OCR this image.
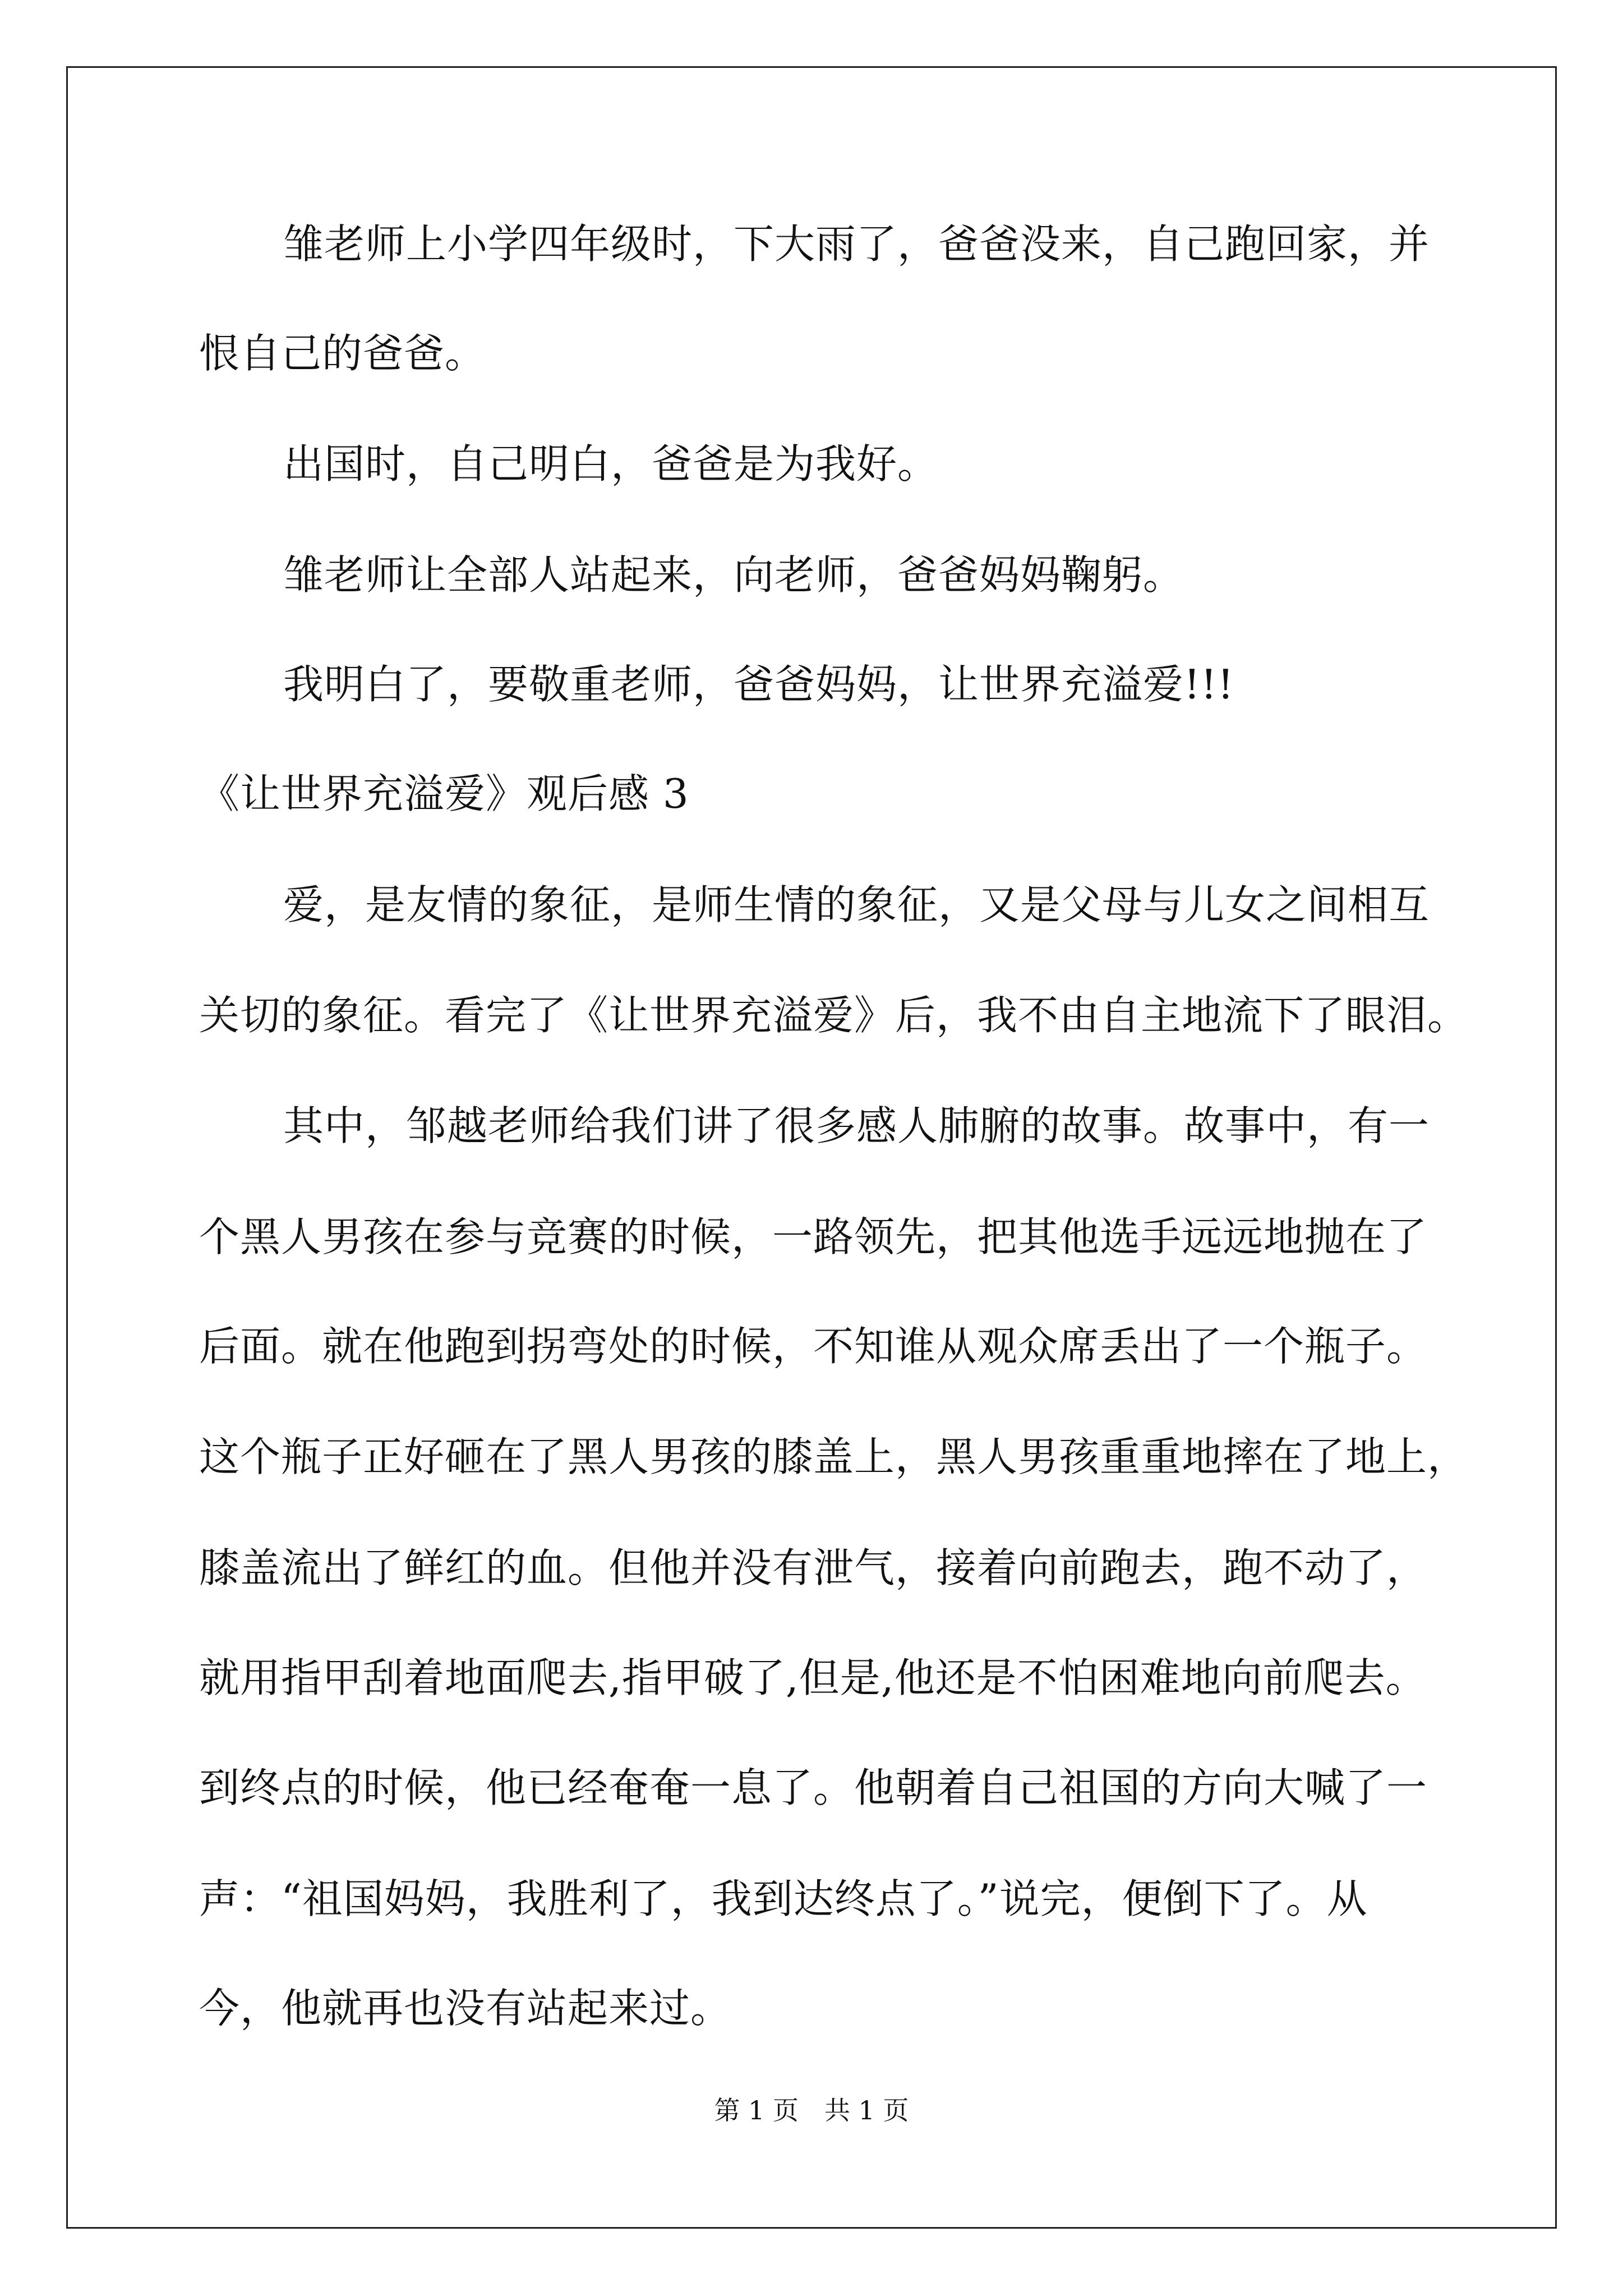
雏老师上小学四年级时，下大雨了，爸爸没来，自己跑回家，并
恨自己的爸爸。
出国时，自己明白，爸爸是为我好。
雏老师让全部人站起来，向老师，爸爸妈妈鞠躬。
我明白了，要敬重老师，爸爸妈妈，让世界充溢爱!!!
《让世界充溢爱》观后感 3
爱，是友情的象征，是师生情的象征，又是父母与儿女之间相互
关切的象征。看完了《让世界充溢爱》后，我不由自主地流下了眼泪。
其中，邹越老师给我们讲了很多感人肺腑的故事。故事中，有一
个黑人男孩在参与竞赛的时候，一路领先，把其他选手远远地抛在了
后面。就在他跑到拐弯处的时候，不知谁从观众席丢出了一个瓶子。
这个瓶子正好砸在了黑人男孩的膝盖上，黑人男孩重重地摔在了地上，
膝盖流出了鲜红的血。但他并没有泄气，接着向前跑去，跑不动了，
就用指甲刮着地面爬去,指甲破了,但是,他还是不怕困难地向前爬去。
到终点的时候，他已经奄奄一息了。他朝着自己祖国的方向大喊了一
声：“祖国妈妈，我胜利了，我到达终点了。”说完，便倒下了。从
今，他就再也没有站起来过。
第 1 页　共 1 页
